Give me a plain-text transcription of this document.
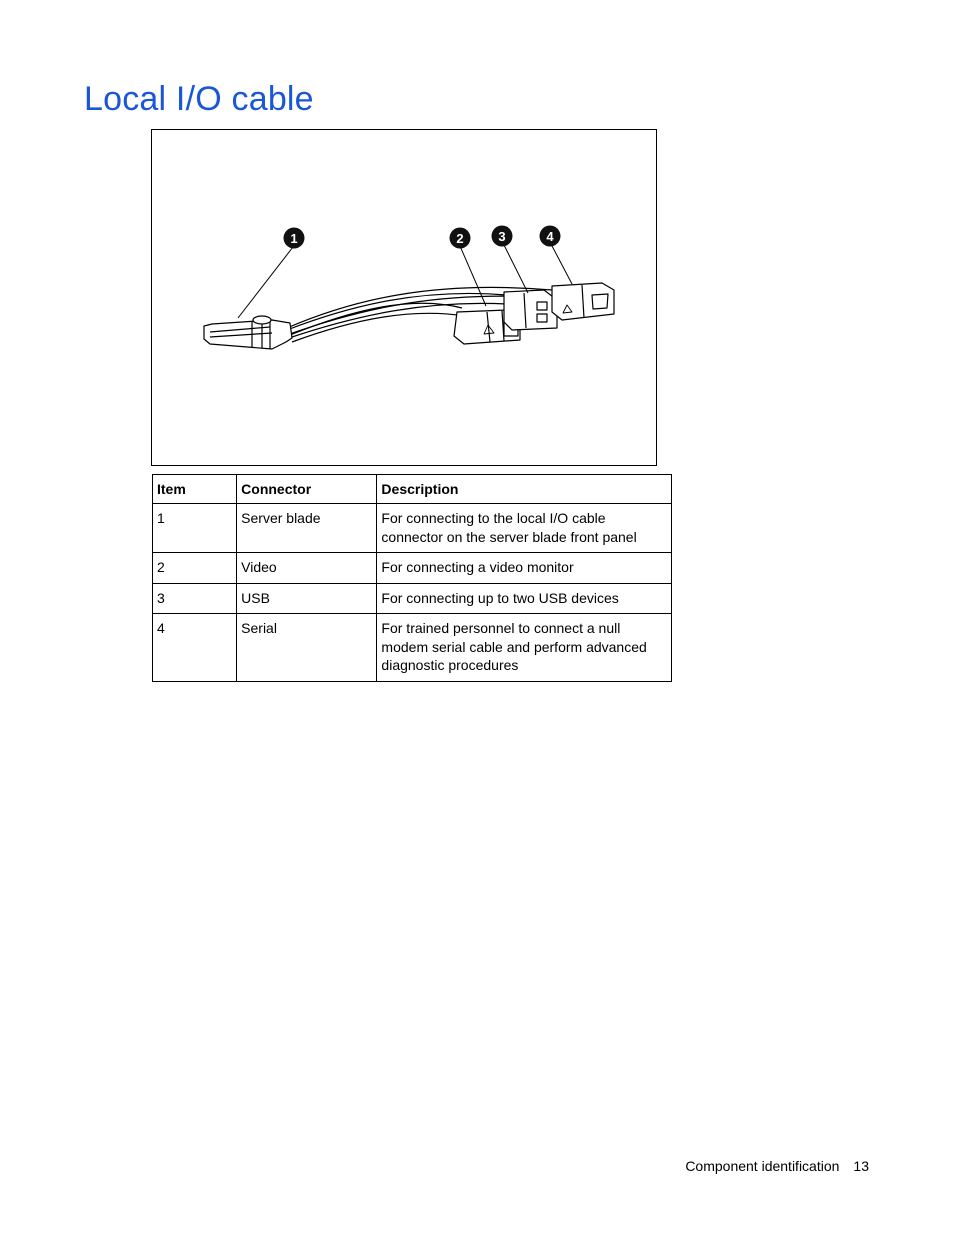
Local I/O cable
1	2	3	4
Item	Connector	Description
1	Server blade	For connecting to the local I/O cable connector on the server blade front panel
2	Video	For connecting a video monitor
3	USB	For connecting up to two USB devices
4	Serial	For trained personnel to connect a null modem serial cable and perform advanced diagnostic procedures
Component identification 13
